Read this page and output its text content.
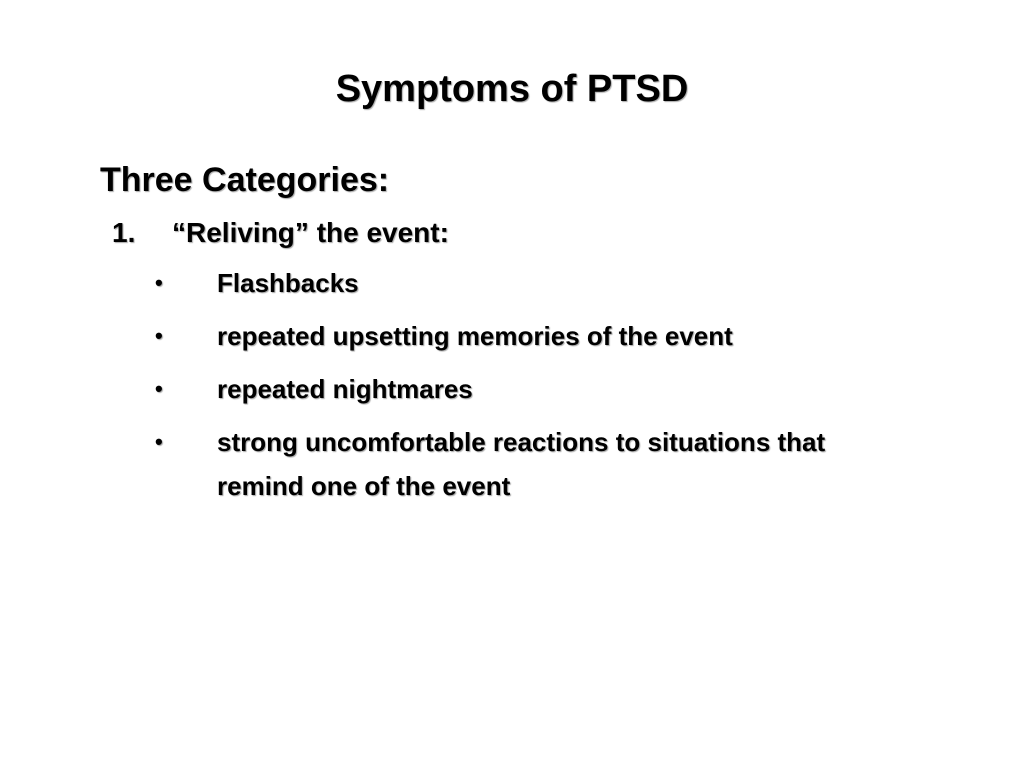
Symptoms of PTSD
Three Categories:
1.	“Reliving” the event:
•	Flashbacks
•	repeated upsetting memories of the event
•	repeated nightmares
•	strong uncomfortable reactions to situations that remind one of the event
